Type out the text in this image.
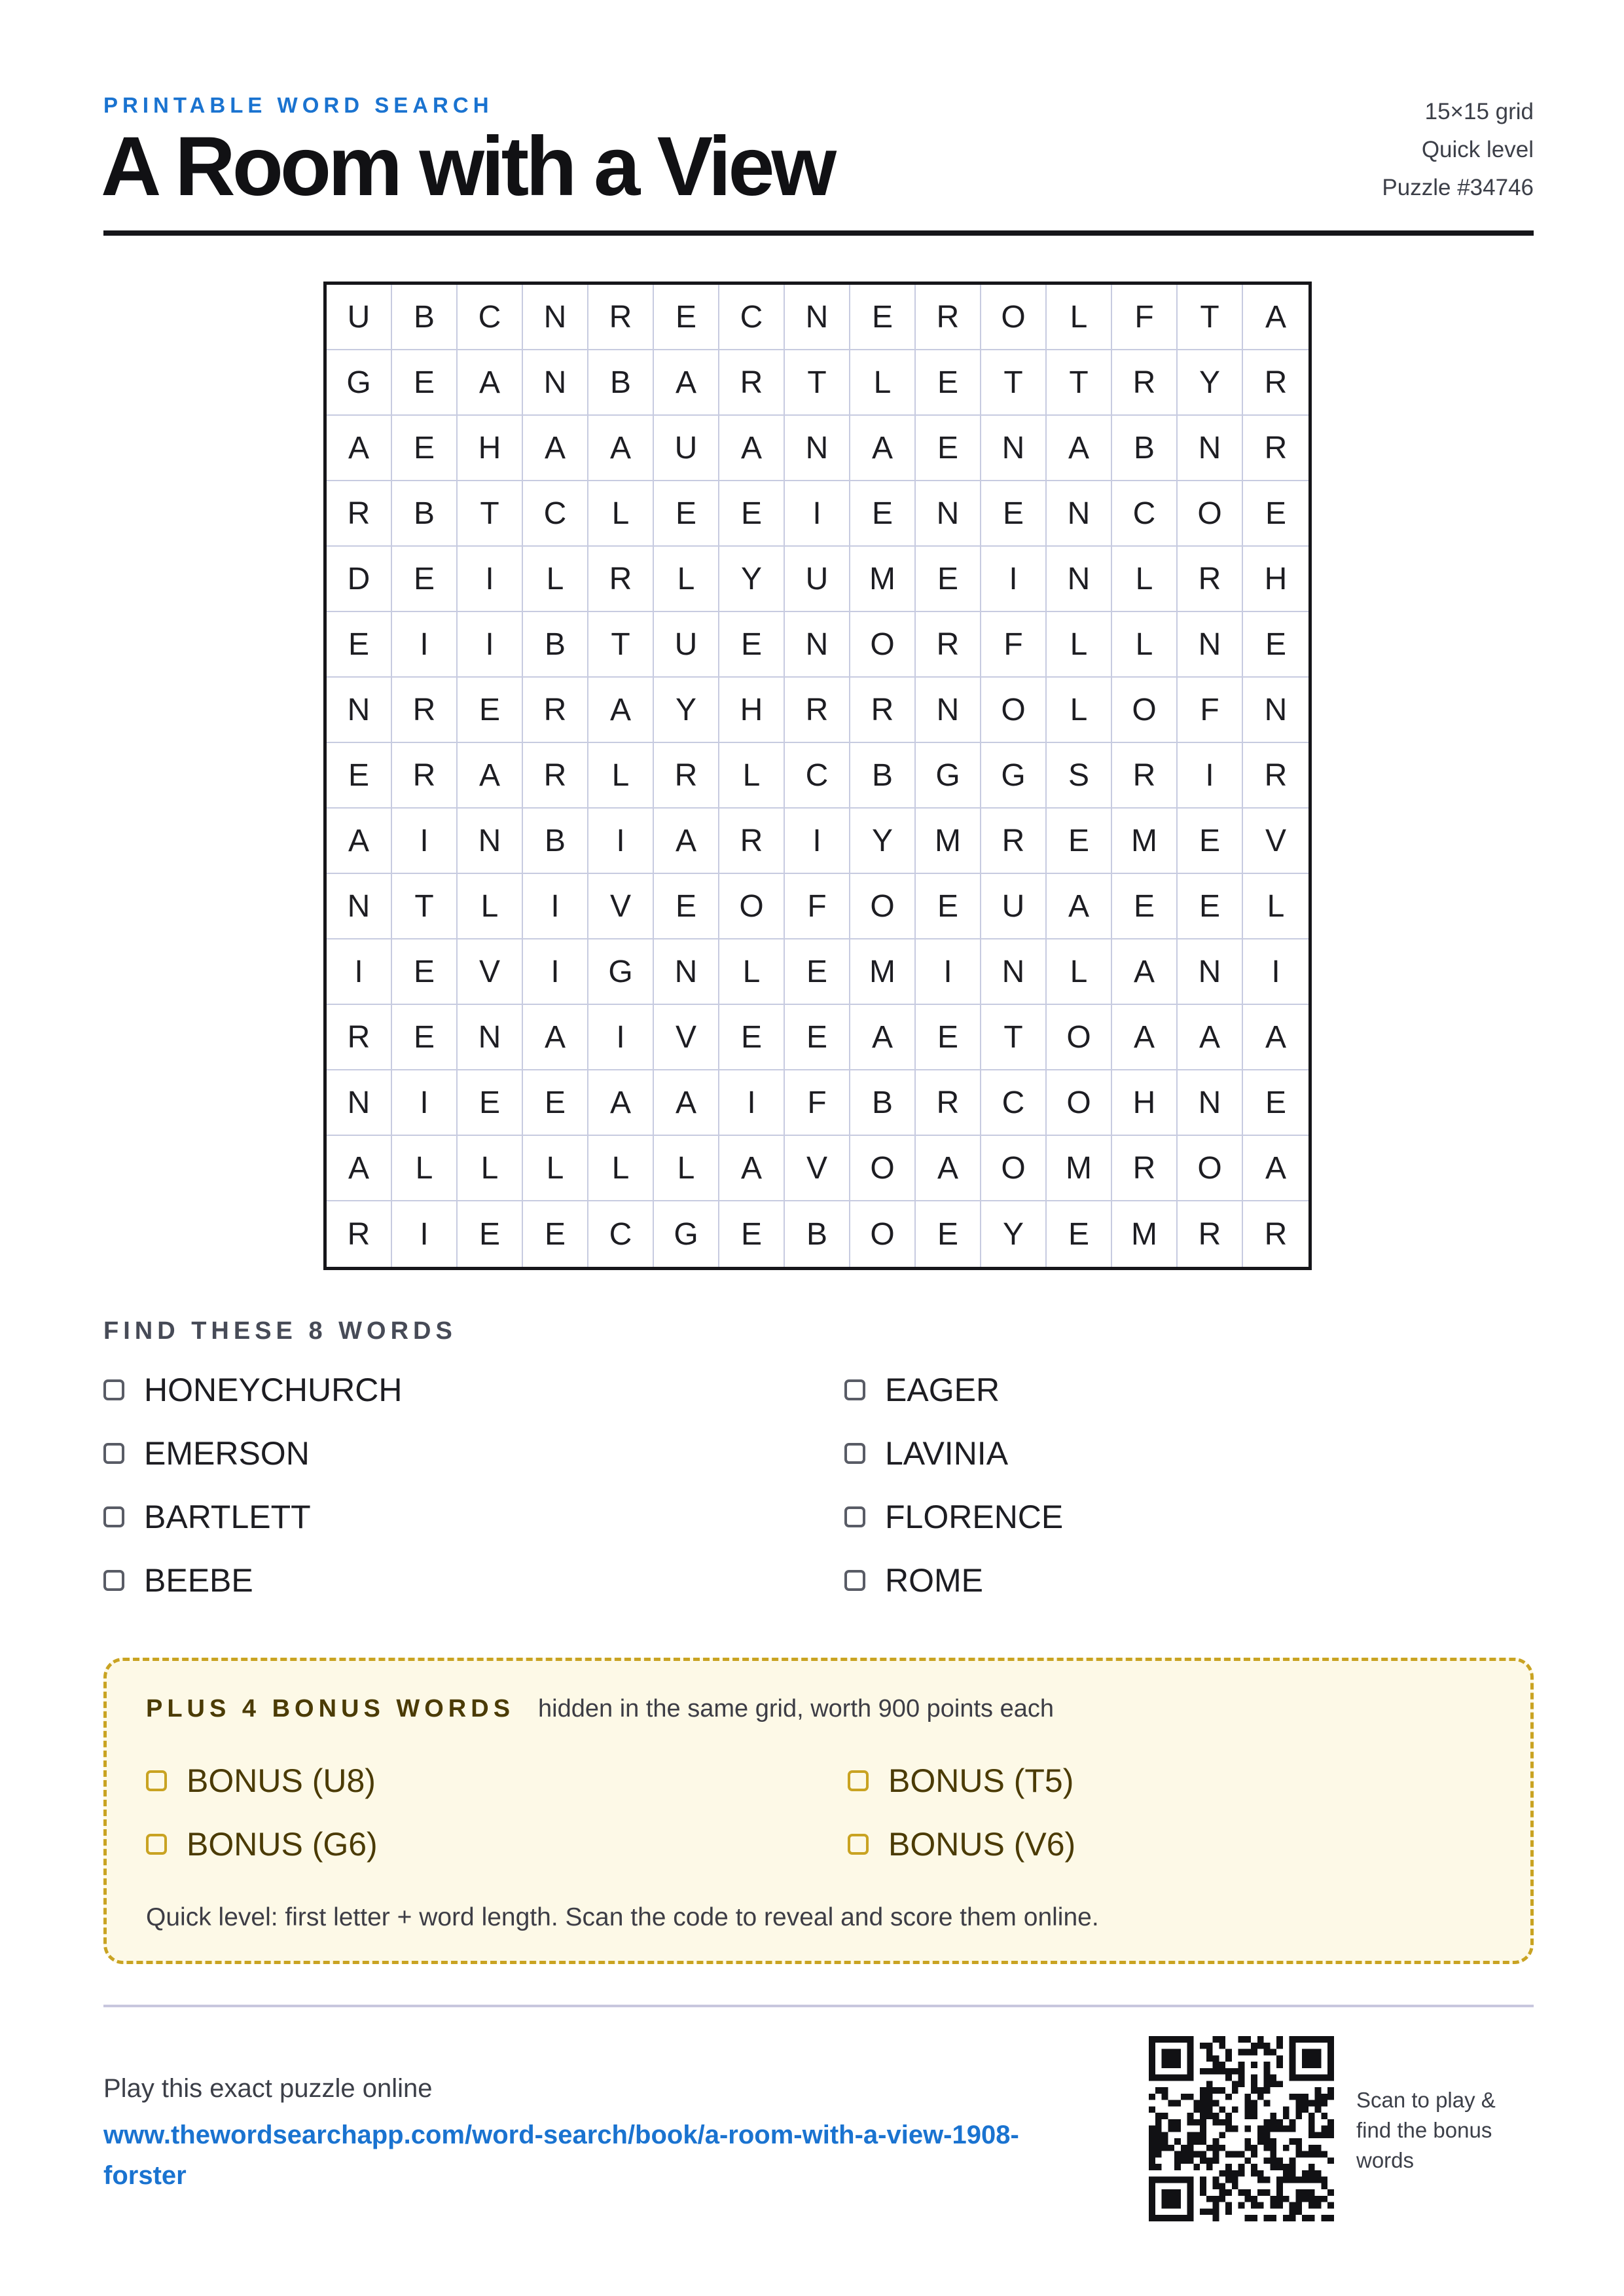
PRINTABLE WORD SEARCH
A Room with a View
15×15 grid
Quick level
Puzzle #34746
U	B	C	N	R	E	C	N	E	R	O	L	F	T	A
G	E	A	N	B	A	R	T	L	E	T	T	R	Y	R
A	E	H	A	A	U	A	N	A	E	N	A	B	N	R
R	B	T	C	L	E	E	I	E	N	E	N	C	O	E
D	E	I	L	R	L	Y	U	M	E	I	N	L	R	H
E	I	I	B	T	U	E	N	O	R	F	L	L	N	E
N	R	E	R	A	Y	H	R	R	N	O	L	O	F	N
E	R	A	R	L	R	L	C	B	G	G	S	R	I	R
A	I	N	B	I	A	R	I	Y	M	R	E	M	E	V
N	T	L	I	V	E	O	F	O	E	U	A	E	E	L
I	E	V	I	G	N	L	E	M	I	N	L	A	N	I
R	E	N	A	I	V	E	E	A	E	T	O	A	A	A
N	I	E	E	A	A	I	F	B	R	C	O	H	N	E
A	L	L	L	L	L	A	V	O	A	O	M	R	O	A
R	I	E	E	C	G	E	B	O	E	Y	E	M	R	R
FIND THESE 8 WORDS
HONEYCHURCH	EAGER
EMERSON	LAVINIA
BARTLETT	FLORENCE
BEEBE	ROME
PLUS 4 BONUS WORDS hidden in the same grid, worth 900 points each
BONUS (U8)	BONUS (T5)
BONUS (G6)	BONUS (V6)
Quick level: first letter + word length. Scan the code to reveal and score them online.
Play this exact puzzle online
www.thewordsearchapp.com/word-search/book/a-room-with-a-view-1908-forster
Scan to play & find the bonus words
